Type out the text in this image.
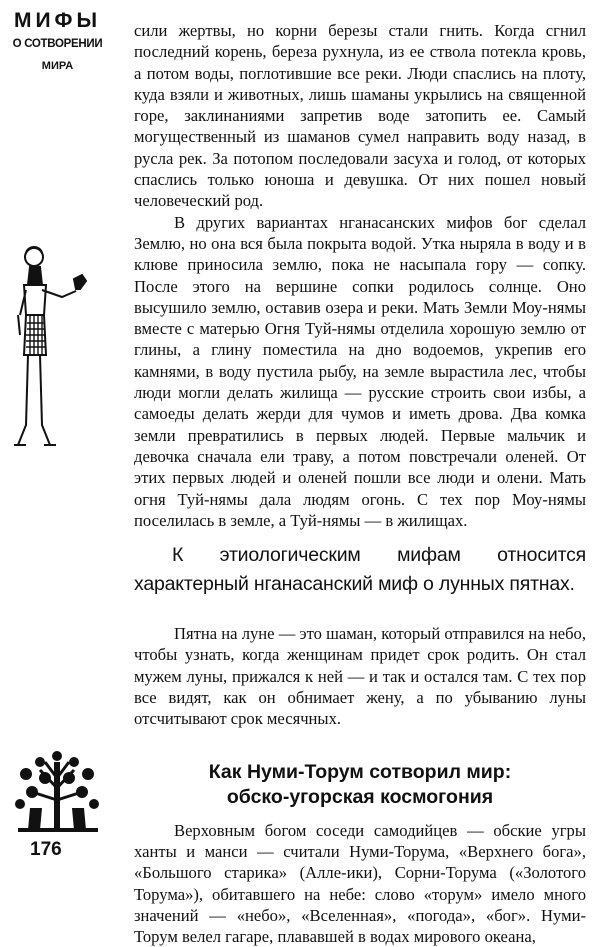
МИФЫ
О СОТВОРЕНИИ
МИРА
176

сили жертвы, но корни березы стали гнить. Когда сгнил последний корень, береза рухнула, из ее ствола потекла кровь, а потом воды, поглотившие все реки. Люди спаслись на плоту, куда взяли и животных, лишь шаманы укрылись на священной горе, заклинаниями запретив воде затопить ее. Самый могущественный из шаманов сумел направить воду назад, в русла рек. За потопом последовали засуха и голод, от которых спаслись только юноша и девушка. От них пошел новый человеческий род.

В других вариантах нганасанских мифов бог сделал Землю, но она вся была покрыта водой. Утка ныряла в воду и в клюве приносила землю, пока не насыпала гору — сопку. После этого на вершине сопки родилось солнце. Оно высушило землю, оставив озера и реки. Мать Земли Моу-нямы вместе с матерью Огня Туй-нямы отделила хорошую землю от глины, а глину поместила на дно водоемов, укрепив его камнями, в воду пустила рыбу, на земле вырастила лес, чтобы люди могли делать жилища — русские строить свои избы, а самоеды делать жерди для чумов и иметь дрова. Два комка земли превратились в первых людей. Первые мальчик и девочка сначала ели траву, а потом повстречали оленей. От этих первых людей и оленей пошли все люди и олени. Мать огня Туй-нямы дала людям огонь. С тех пор Моу-нямы поселилась в земле, а Туй-нямы — в жилищах.

К этиологическим мифам относится характерный нганасанский миф о лунных пятнах.

Пятна на луне — это шаман, который отправился на небо, чтобы узнать, когда женщинам придет срок родить. Он стал мужем луны, прижался к ней — и так и остался там. С тех пор все видят, как он обнимает жену, а по убыванию луны отсчитывают срок месячных.

Как Нуми-Торум сотворил мир:
обско-угорская космогония

Верховным богом соседи самодийцев — обские угры ханты и манси — считали Нуми-Торума, «Верхнего бога», «Большого старика» (Алле-ики), Сорни-Торума («Золотого Торума»), обитавшего на небе: слово «торум» имело много значений — «небо», «Вселенная», «погода», «бог». Нуми-Торум велел гагаре, плававшей в водах мирового океана,
